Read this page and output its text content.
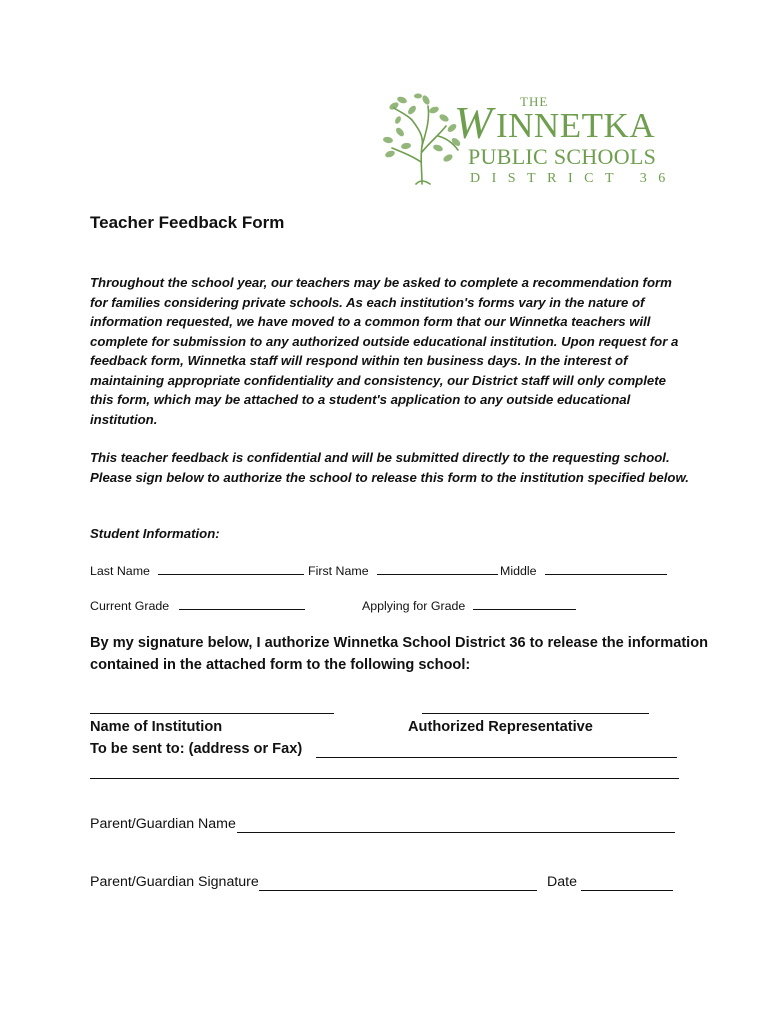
THE
W INNETKA
PUBLIC SCHOOLS
DISTRICT 36
Teacher Feedback Form
Throughout the school year, our teachers may be asked to complete a recommendation form for families considering private schools. As each institution's forms vary in the nature of information requested, we have moved to a common form that our Winnetka teachers will complete for submission to any authorized outside educational institution. Upon request for a feedback form, Winnetka staff will respond within ten business days. In the interest of maintaining appropriate confidentiality and consistency, our District staff will only complete this form, which may be attached to a student's application to any outside educational institution.
This teacher feedback is confidential and will be submitted directly to the requesting school. Please sign below to authorize the school to release this form to the institution specified below.
Student Information:
Last Name	First Name	Middle
Current Grade	Applying for Grade
By my signature below, I authorize Winnetka School District 36 to release the information contained in the attached form to the following school:
Name of Institution	Authorized Representative
To be sent to: (address or Fax)
Parent/Guardian Name
Parent/Guardian Signature	Date
